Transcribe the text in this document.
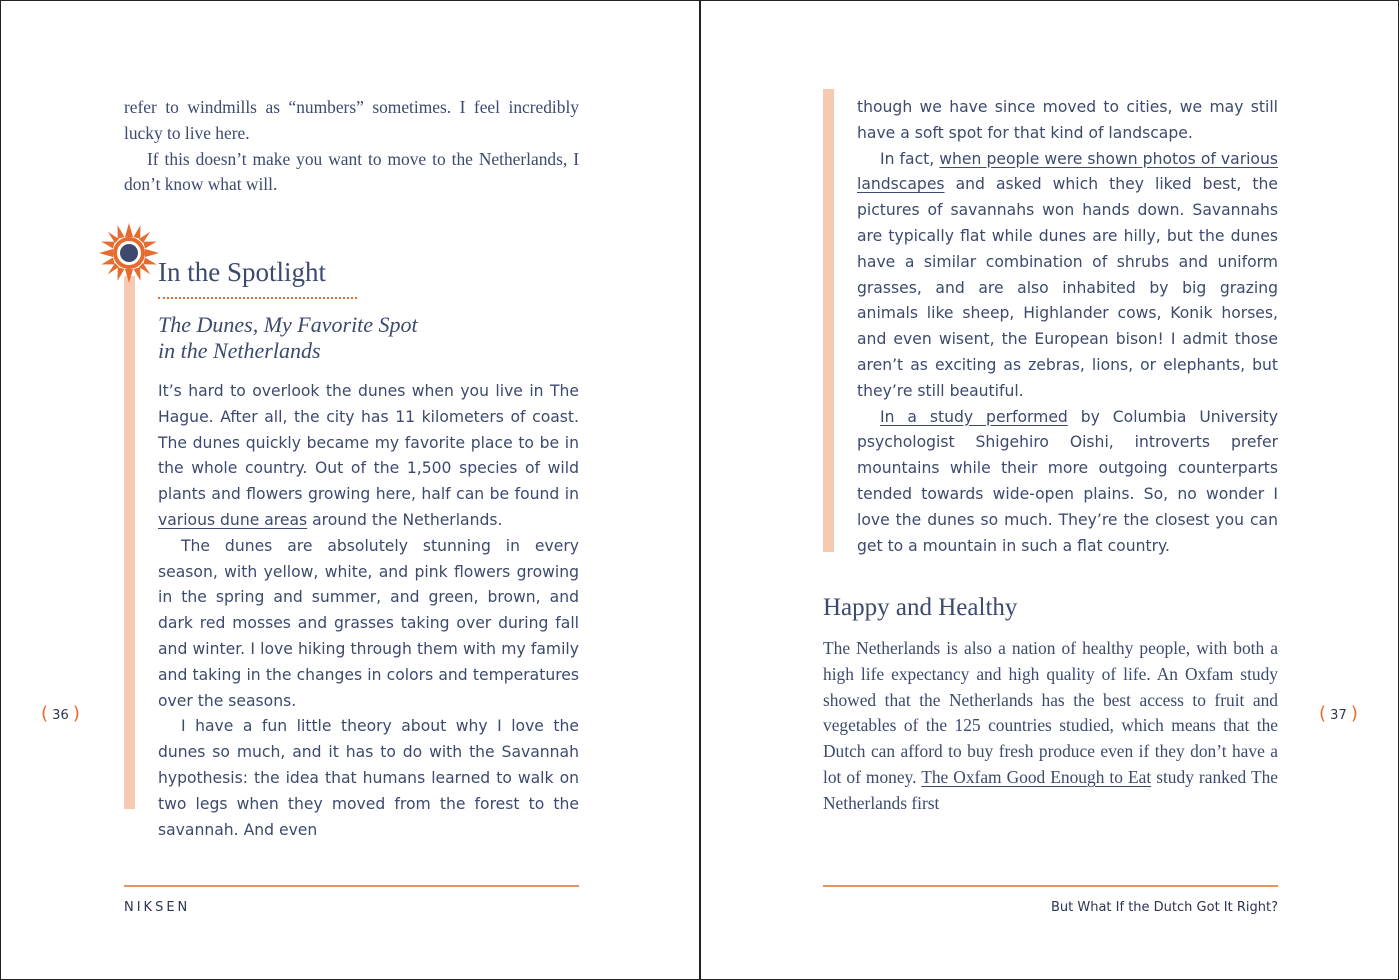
refer to windmills as “numbers” sometimes. I feel incredibly lucky to live here.

If this doesn’t make you want to move to the Netherlands, I don’t know what will.

In the Spotlight
The Dunes, My Favorite Spot
in the Netherlands

It’s hard to overlook the dunes when you live in The Hague. After all, the city has 11 kilometers of coast. The dunes quickly became my favorite place to be in the whole country. Out of the 1,500 species of wild plants and flowers growing here, half can be found in various dune areas around the Netherlands.

The dunes are absolutely stunning in every season, with yellow, white, and pink flowers growing in the spring and summer, and green, brown, and dark red mosses and grasses taking over during fall and winter. I love hiking through them with my family and taking in the changes in colors and temperatures over the seasons.

I have a fun little theory about why I love the dunes so much, and it has to do with the Savannah hypothesis: the idea that humans learned to walk on two legs when they moved from the forest to the savannah. And even

( 36 )
NIKSEN

though we have since moved to cities, we may still have a soft spot for that kind of landscape.

In fact, when people were shown photos of various landscapes and asked which they liked best, the pictures of savannahs won hands down. Savannahs are typically flat while dunes are hilly, but the dunes have a similar combination of shrubs and uniform grasses, and are also inhabited by big grazing animals like sheep, Highlander cows, Konik horses, and even wisent, the European bison! I admit those aren’t as exciting as zebras, lions, or elephants, but they’re still beautiful.

In a study performed by Columbia University psychologist Shigehiro Oishi, introverts prefer mountains while their more outgoing counterparts tended towards wide-open plains. So, no wonder I love the dunes so much. They’re the closest you can get to a mountain in such a flat country.

Happy and Healthy

The Netherlands is also a nation of healthy people, with both a high life expectancy and high quality of life. An Oxfam study showed that the Netherlands has the best access to fruit and vegetables of the 125 countries studied, which means that the Dutch can afford to buy fresh produce even if they don’t have a lot of money. The Oxfam Good Enough to Eat study ranked The Netherlands first

( 37 )
But What If the Dutch Got It Right?
